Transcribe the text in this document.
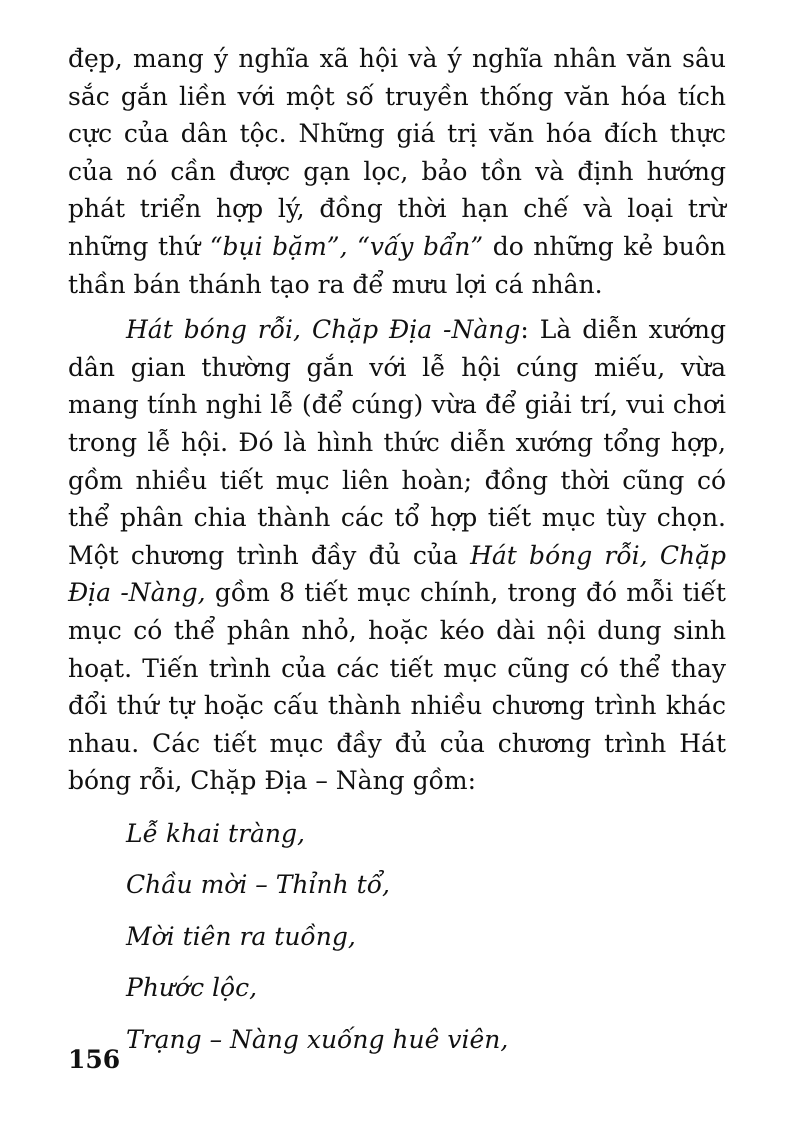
đẹp, mang ý nghĩa xã hội và ý nghĩa nhân văn sâu sắc gắn liền với một số truyền thống văn hóa tích cực của dân tộc. Những giá trị văn hóa đích thực của nó cần được gạn lọc, bảo tồn và định hướng phát triển hợp lý, đồng thời hạn chế và loại trừ những thứ “bụi bặm”, “vấy bẩn” do những kẻ buôn thần bán thánh tạo ra để mưu lợi cá nhân.

Hát bóng rỗi, Chặp Địa -Nàng: Là diễn xướng dân gian thường gắn với lễ hội cúng miếu, vừa mang tính nghi lễ (để cúng) vừa để giải trí, vui chơi trong lễ hội. Đó là hình thức diễn xướng tổng hợp, gồm nhiều tiết mục liên hoàn; đồng thời cũng có thể phân chia thành các tổ hợp tiết mục tùy chọn. Một chương trình đầy đủ của Hát bóng rỗi, Chặp Địa -Nàng, gồm 8 tiết mục chính, trong đó mỗi tiết mục có thể phân nhỏ, hoặc kéo dài nội dung sinh hoạt. Tiến trình của các tiết mục cũng có thể thay đổi thứ tự hoặc cấu thành nhiều chương trình khác nhau. Các tiết mục đầy đủ của chương trình Hát bóng rỗi, Chặp Địa – Nàng gồm:

Lễ khai tràng,
Chầu mời – Thỉnh tổ,
Mời tiên ra tuồng,
Phước lộc,
Trạng – Nàng xuống huê viên,
156
